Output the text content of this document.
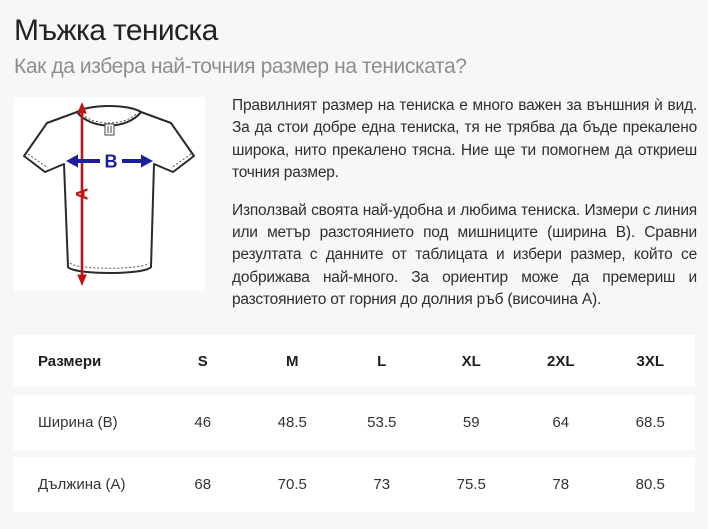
Мъжка тениска
Как да избера най-точния размер на тениската?
A
B

Правилният размер на тениска е много важен за външния ѝ вид. За да стои добре една тениска, тя не трябва да бъде прекалено широка, нито прекалено тясна. Ние ще ти помогнем да откриеш точния размер.

Използвай своята най-удобна и любима тениска. Измери с линия или метър разстоянието под мишниците (ширина B). Сравни резултата с данните от таблицата и избери размер, който се добрижава най-много. За ориентир може да премериш и разстоянието от горния до долния ръб (височина А).

Размери	S	M	L	XL	2XL	3XL
Ширина (B)	46	48.5	53.5	59	64	68.5
Дължина (А)	68	70.5	73	75.5	78	80.5
